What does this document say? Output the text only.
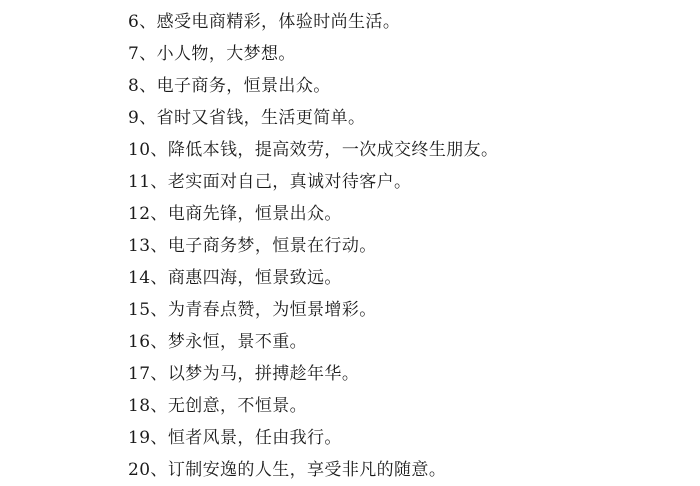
6、感受电商精彩，体验时尚生活。
7、小人物，大梦想。
8、电子商务，恒景出众。
9、省时又省钱，生活更简单。
10、降低本钱，提高效劳，一次成交终生朋友。
11、老实面对自己，真诚对待客户。
12、电商先锋，恒景出众。
13、电子商务梦，恒景在行动。
14、商惠四海，恒景致远。
15、为青春点赞，为恒景增彩。
16、梦永恒，景不重。
17、以梦为马，拼搏趁年华。
18、无创意，不恒景。
19、恒者风景，任由我行。
20、订制安逸的人生，享受非凡的随意。
